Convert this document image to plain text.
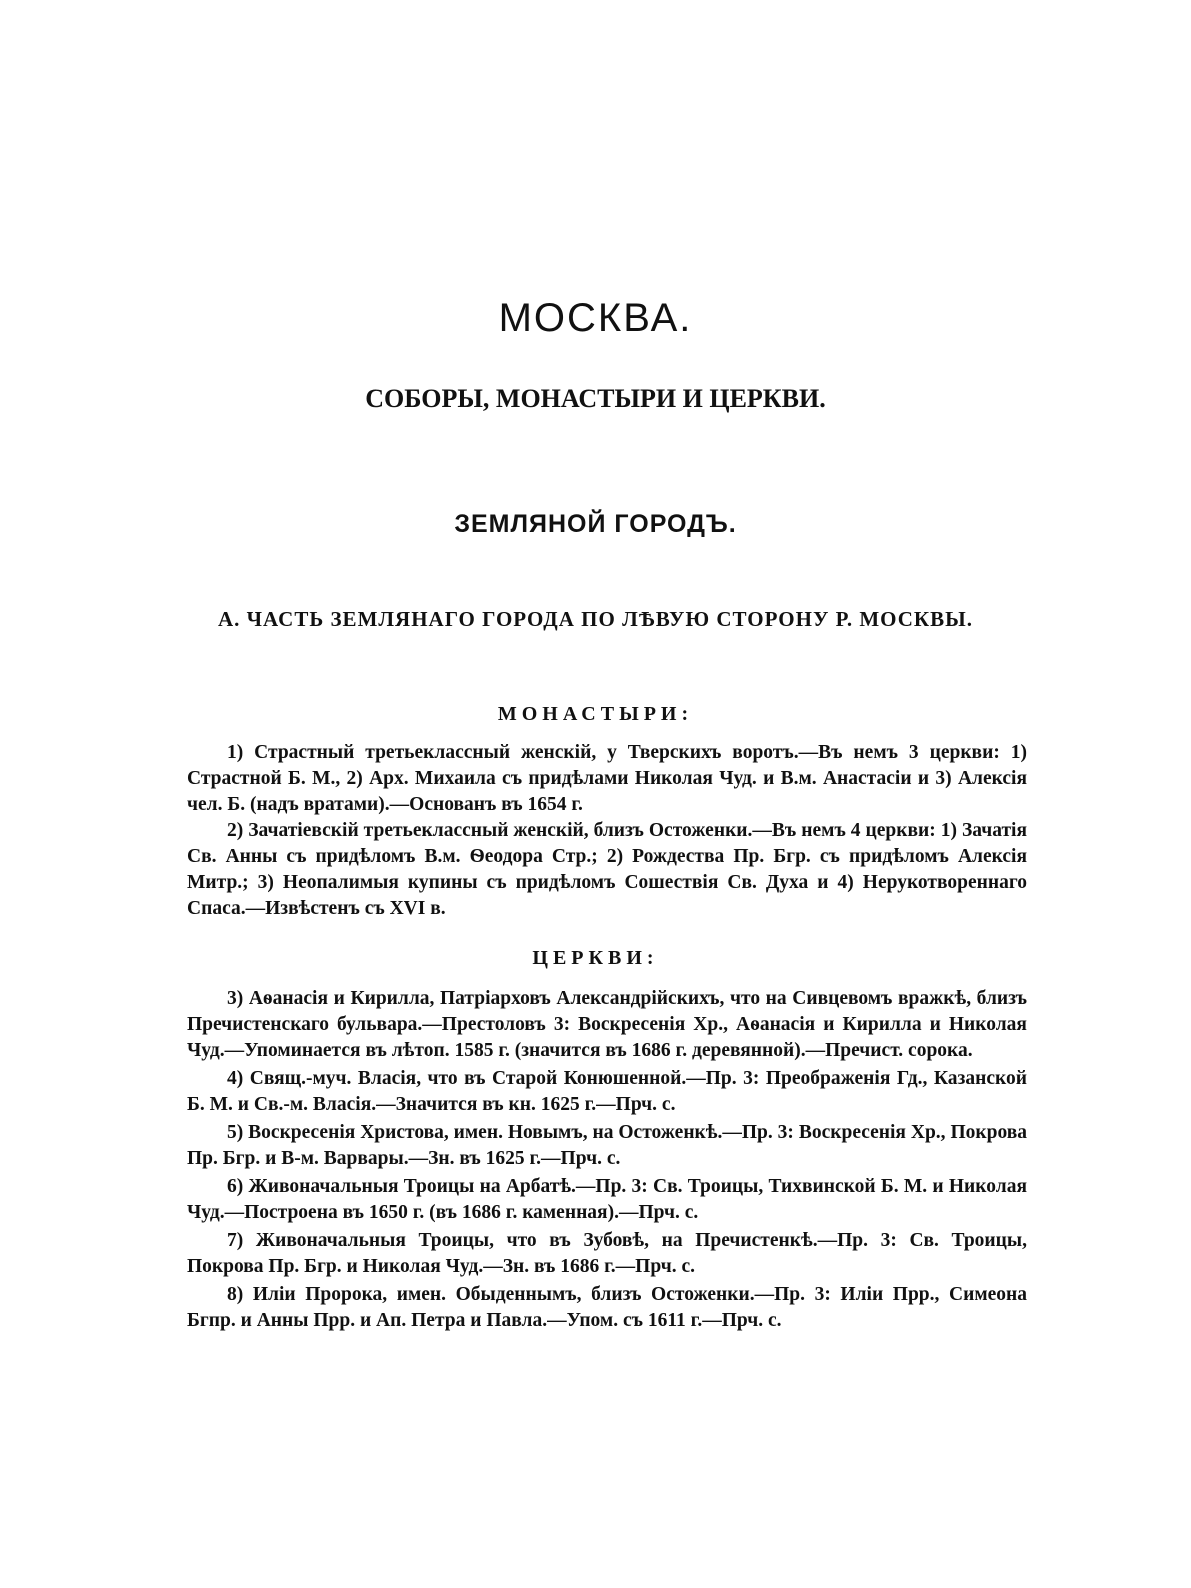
МОСКВА.
СОБОРЫ, МОНАСТЫРИ И ЦЕРКВИ.
ЗЕМЛЯНОЙ ГОРОДЪ.
А. ЧАСТЬ ЗЕМЛЯНАГО ГОРОДА ПО ЛѢВУЮ СТОРОНУ Р. МОСКВЫ.
МОНАСТЫРИ:
1) Страстный третьеклассный женскій, у Тверскихъ воротъ.—Въ немъ 3 церкви: 1) Страстной Б. М., 2) Арх. Михаила съ придѣлами Николая Чуд. и В.м. Анастасіи и 3) Алексія чел. Б. (надъ вратами).—Основанъ въ 1654 г.
2) Зачатіевскій третьеклассный женскій, близъ Остоженки.—Въ немъ 4 церкви: 1) Зачатія Св. Анны съ придѣломъ В.м. Ѳеодора Стр.; 2) Рождества Пр. Бгр. съ придѣломъ Алексія Митр.; 3) Неопалимыя купины съ придѣломъ Сошествія Св. Духа и 4) Нерукотвореннаго Спаса.—Извѣстенъ съ XVI в.
ЦЕРКВИ:
3) Аѳанасія и Кирилла, Патріарховъ Александрійскихъ, что на Сивцевомъ вражкѣ, близъ Пречистенскаго бульвара.—Престоловъ 3: Воскресенія Хр., Аѳанасія и Кирилла и Николая Чуд.—Упоминается въ лѣтоп. 1585 г. (значится въ 1686 г. деревянной).—Пречист. сорока.
4) Свящ.-муч. Власія, что въ Старой Конюшенной.—Пр. 3: Преображенія Гд., Казанской Б. М. и Св.-м. Власія.—Значится въ кн. 1625 г.—Прч. с.
5) Воскресенія Христова, имен. Новымъ, на Остоженкѣ.—Пр. 3: Воскресенія Хр., Покрова Пр. Бгр. и В-м. Варвары.—Зн. въ 1625 г.—Прч. с.
6) Живоначальныя Троицы на Арбатѣ.—Пр. 3: Св. Троицы, Тихвинской Б. М. и Николая Чуд.—Построена въ 1650 г. (въ 1686 г. каменная).—Прч. с.
7) Живоначальныя Троицы, что въ Зубовѣ, на Пречистенкѣ.—Пр. 3: Св. Троицы, Покрова Пр. Бгр. и Николая Чуд.—Зн. въ 1686 г.—Прч. с.
8) Иліи Пророка, имен. Обыденнымъ, близъ Остоженки.—Пр. 3: Иліи Прр., Симеона Бгпр. и Анны Прр. и Ап. Петра и Павла.—Упом. съ 1611 г.—Прч. с.
